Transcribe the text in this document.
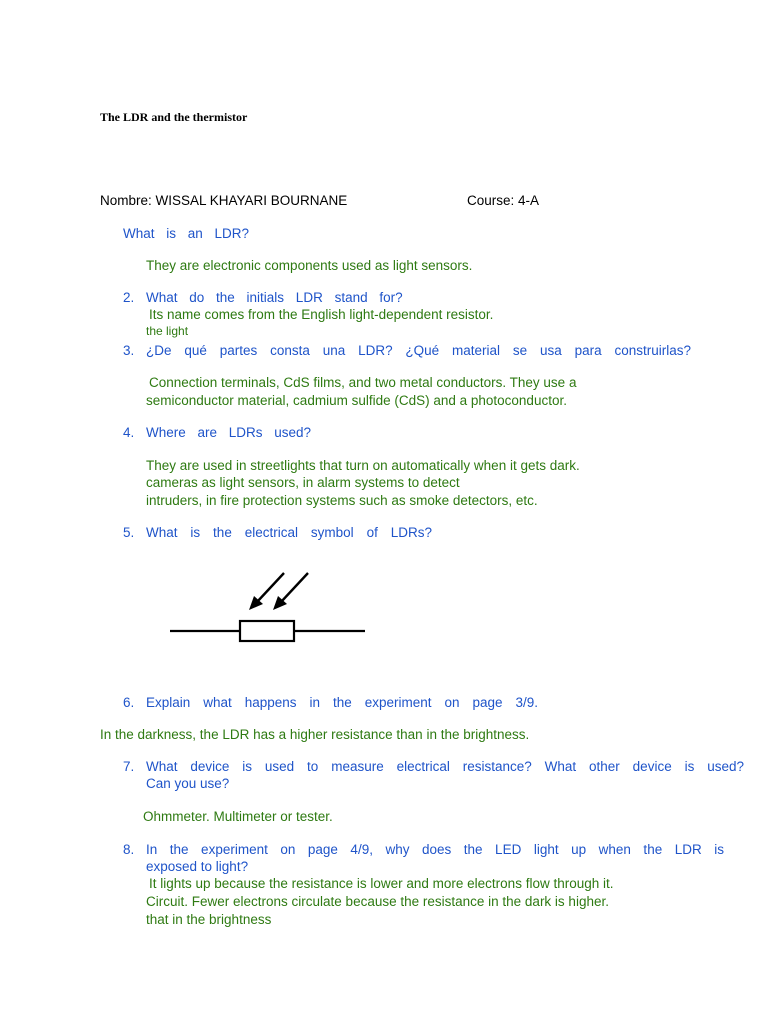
The LDR and the thermistor
Nombre: WISSAL KHAYARI BOURNANE	Course: 4-A
What is an LDR?
They are electronic components used as light sensors.
2. What do the initials LDR stand for?
Its name comes from the English light-dependent resistor.
the light
3. ¿De qué partes consta una LDR? ¿Qué material se usa para construirlas?
Connection terminals, CdS films, and two metal conductors. They use a
semiconductor material, cadmium sulfide (CdS) and a photoconductor.
4. Where are LDRs used?
They are used in streetlights that turn on automatically when it gets dark.
cameras as light sensors, in alarm systems to detect
intruders, in fire protection systems such as smoke detectors, etc.
5. What is the electrical symbol of LDRs?
6. Explain what happens in the experiment on page 3/9.
In the darkness, the LDR has a higher resistance than in the brightness.
7. What device is used to measure electrical resistance? What other device is used?
Can you use?
Ohmmeter. Multimeter or tester.
8. In the experiment on page 4/9, why does the LED light up when the LDR is
exposed to light?
It lights up because the resistance is lower and more electrons flow through it.
Circuit. Fewer electrons circulate because the resistance in the dark is higher.
that in the brightness
